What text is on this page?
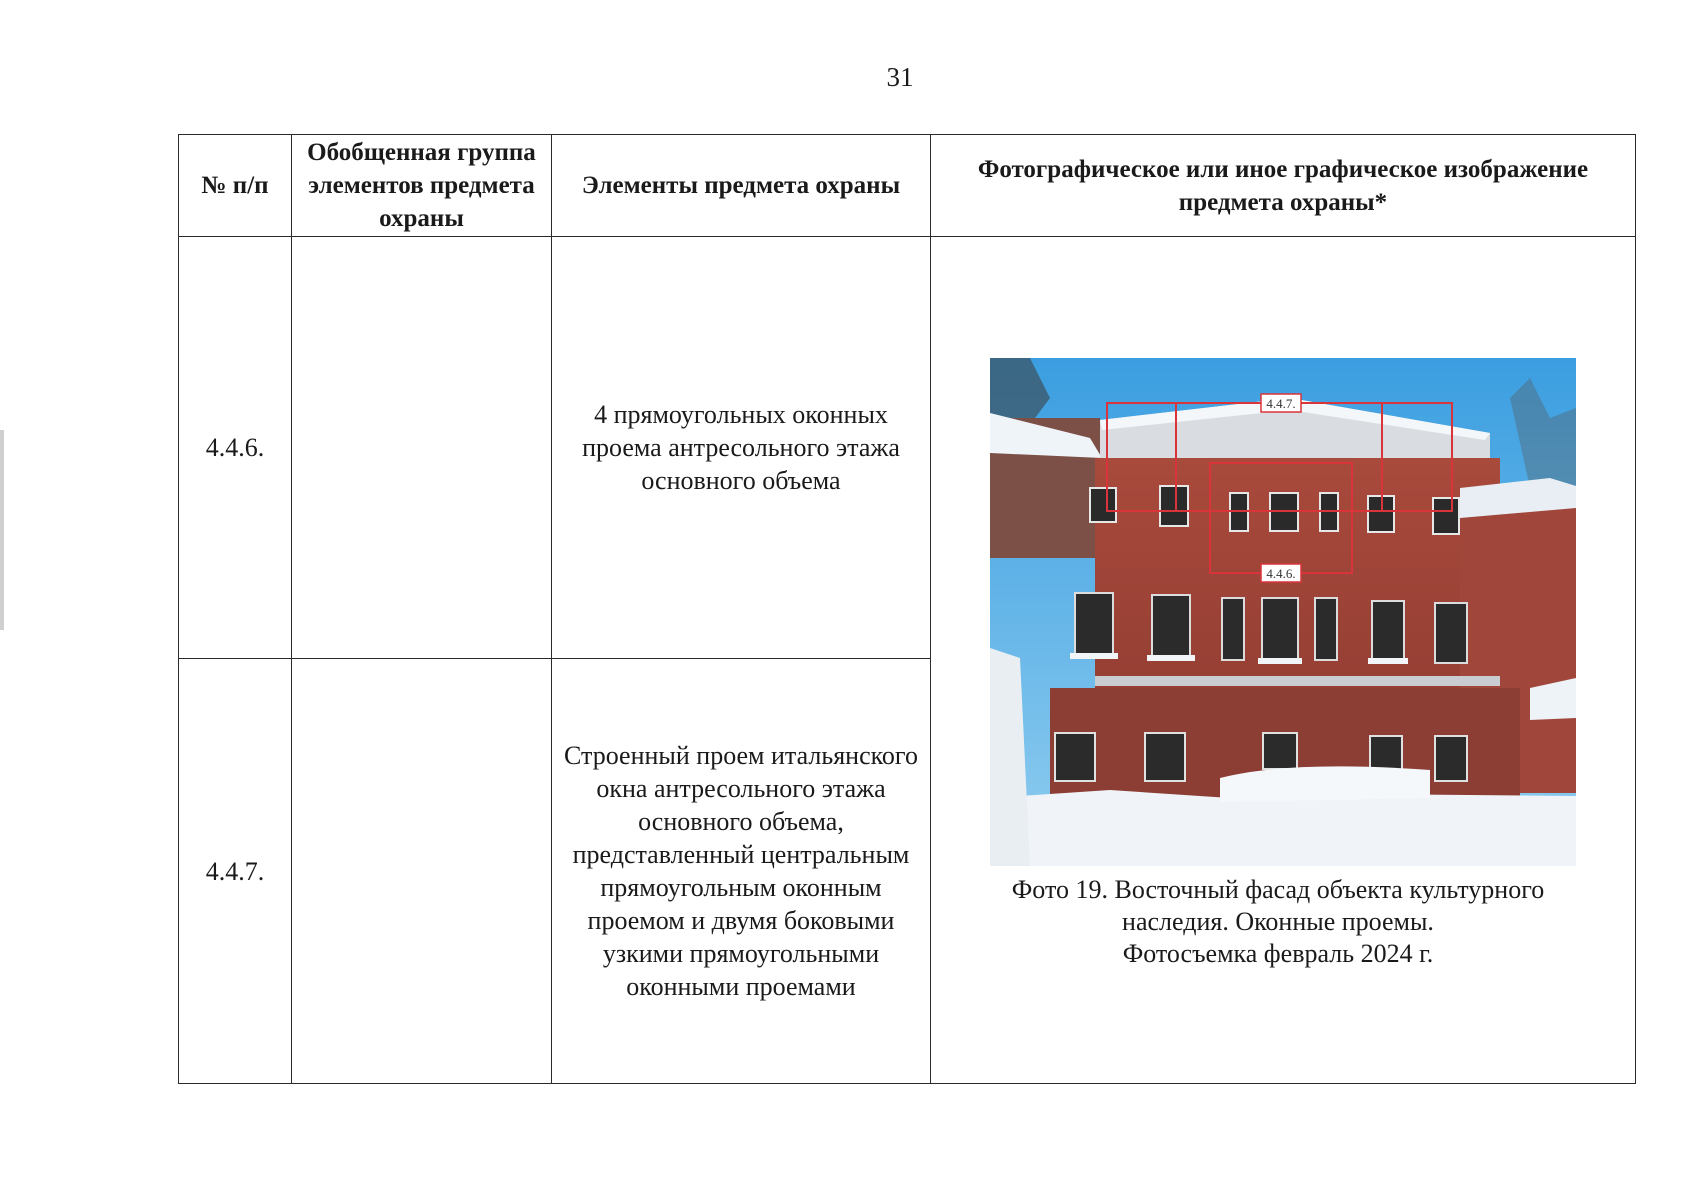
31
№ п/п	Обобщенная группа элементов предмета охраны	Элементы предмета охраны	Фотографическое или иное графическое изображение предмета охраны*
4.4.6.		4 прямоугольных оконных проема антресольного этажа основного объема	4.4.7.
4.4.6.
Фото 19. Восточный фасад объекта культурного
наследия. Оконные проемы.
Фотосъемка февраль 2024 г.

4.4.7.		Строенный проем итальянского окна антресольного этажа основного объема, представленный центральным прямоугольным оконным проемом и двумя боковыми узкими прямоугольными оконными проемами	
